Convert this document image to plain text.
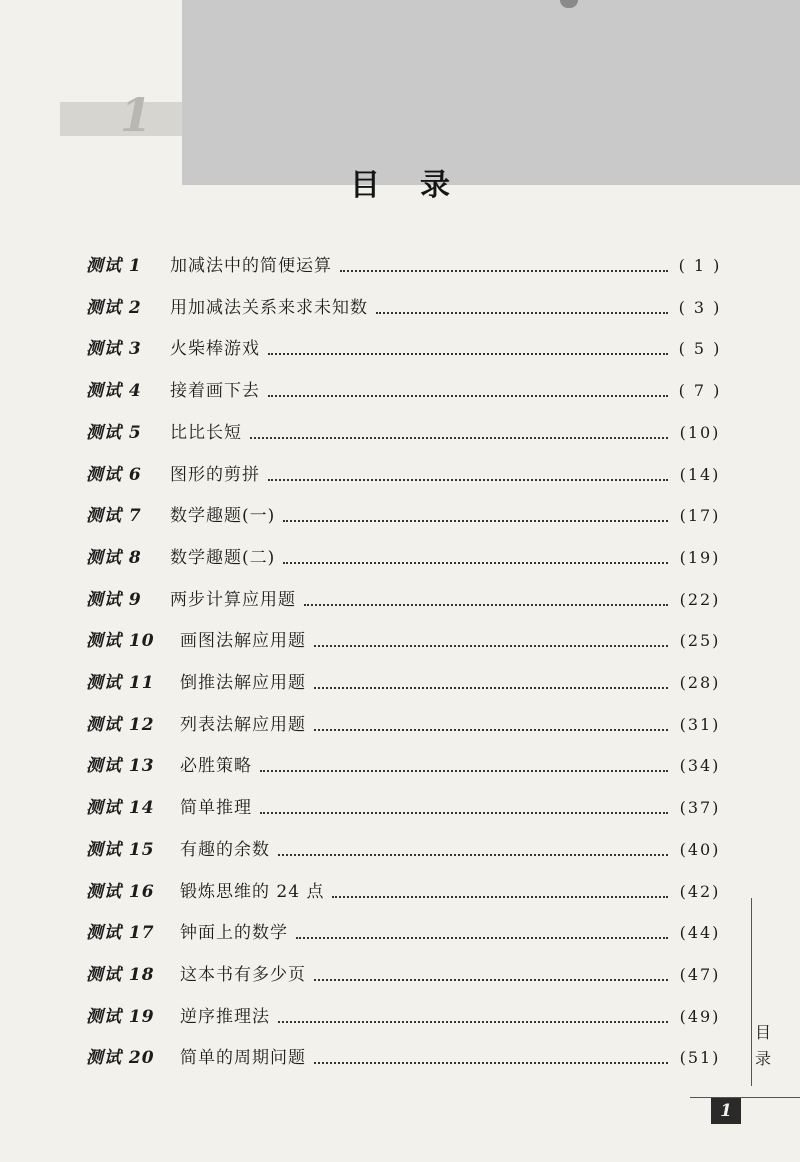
1
目录
测试 1 加减法中的简便运算	( 1 )
测试 2 用加减法关系来求未知数	( 3 )
测试 3 火柴棒游戏	( 5 )
测试 4 接着画下去	( 7 )
测试 5 比比长短	(10)
测试 6 图形的剪拼	(14)
测试 7 数学趣题(一)	(17)
测试 8 数学趣题(二)	(19)
测试 9 两步计算应用题	(22)
测试 10 画图法解应用题	(25)
测试 11 倒推法解应用题	(28)
测试 12 列表法解应用题	(31)
测试 13 必胜策略	(34)
测试 14 简单推理	(37)
测试 15 有趣的余数	(40)
测试 16 锻炼思维的 24 点	(42)
测试 17 钟面上的数学	(44)
测试 18 这本书有多少页	(47)
测试 19 逆序推理法	(49)
测试 20 简单的周期问题	(51)
目
录
1
